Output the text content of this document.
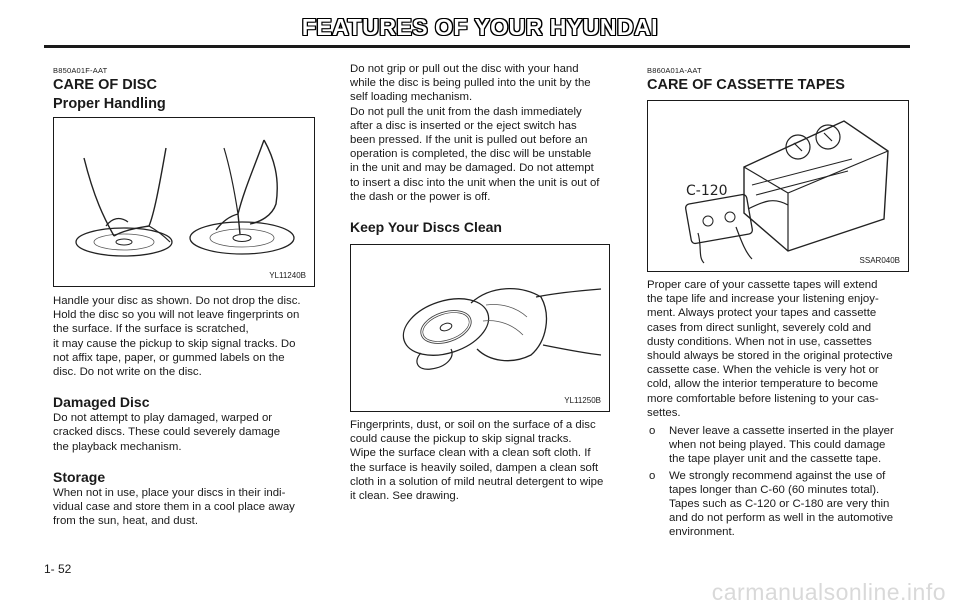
FEATURES OF YOUR HYUNDAI
B850A01F-AAT
CARE OF DISC
Proper Handling
YL11240B
Handle your disc as shown. Do not drop the disc.
Hold the disc so you will not leave fingerprints on
the surface. If the surface is scratched,
it may cause the pickup to skip signal tracks. Do
not affix tape, paper, or gummed labels on the
disc. Do not write on the disc.
Damaged Disc
Do not attempt to play damaged, warped or
cracked discs. These could severely damage
the playback mechanism.
Storage
When not in use, place your discs in their indi-
vidual case and store them in a cool place away
from the sun, heat, and dust.
Do not grip or pull out the disc with your hand
while the disc is being pulled into the unit by the
self loading mechanism.
Do not pull the unit from the dash immediately
after a disc is inserted or the eject switch has
been pressed. If the unit is pulled out before an
operation is completed, the disc will be unstable
in the unit and may be damaged. Do not attempt
to insert a disc into the unit when the unit is out of
the dash or the power is off.
Keep Your Discs Clean
YL11250B
Fingerprints, dust, or soil on the surface of a disc
could cause the pickup to skip signal tracks.
Wipe the surface clean with a clean soft cloth. If
the surface is heavily soiled, dampen a clean soft
cloth in a solution of mild neutral detergent to wipe
it clean. See drawing.
B860A01A-AAT
CARE OF CASSETTE TAPES
C-120
SSAR040B
Proper care of your cassette tapes will extend
the tape life and increase your listening enjoy-
ment. Always protect your tapes and cassette
cases from direct sunlight, severely cold and
dusty conditions. When not in use, cassettes
should always be stored in the original protective
cassette case. When the vehicle is very hot or
cold, allow the interior temperature to become
more comfortable before listening to your cas-
settes.
o Never leave a cassette inserted in the player
when not being played. This could damage
the tape player unit and the cassette tape.
o We strongly recommend against the use of
tapes longer than C-60 (60 minutes total).
Tapes such as C-120 or C-180 are very thin
and do not perform as well in the automotive
environment.
1- 52
carmanualsonline.info
